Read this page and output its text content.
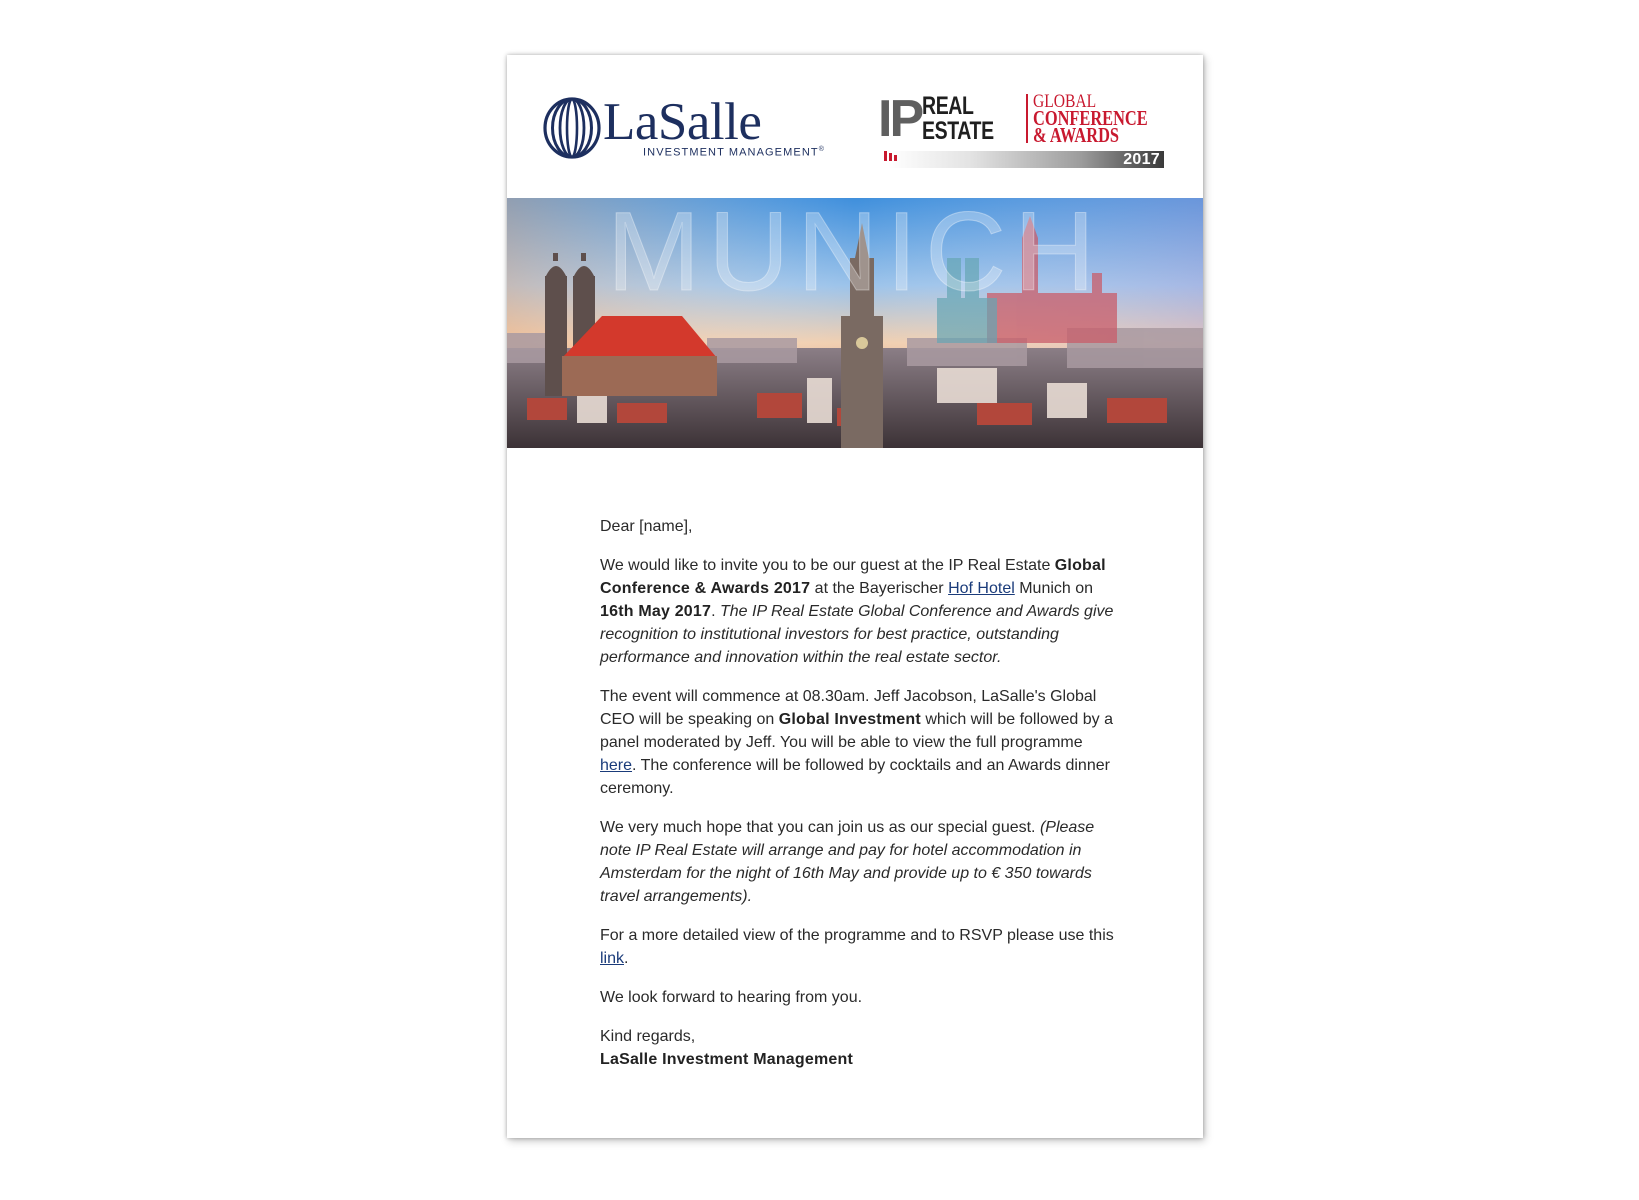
LaSalle
INVESTMENT MANAGEMENT®
IP REAL
ESTATE
GLOBAL
CONFERENCE
& AWARDS
2017
MUNICH

Dear [name],

We would like to invite you to be our guest at the IP Real Estate Global Conference & Awards 2017 at the Bayerischer Hof Hotel Munich on 16th May 2017. The IP Real Estate Global Conference and Awards give recognition to institutional investors for best practice, outstanding performance and innovation within the real estate sector.

The event will commence at 08.30am. Jeff Jacobson, LaSalle's Global CEO will be speaking on Global Investment which will be followed by a panel moderated by Jeff. You will be able to view the full programme here. The conference will be followed by cocktails and an Awards dinner ceremony.

We very much hope that you can join us as our special guest. (Please note IP Real Estate will arrange and pay for hotel accommodation in Amsterdam for the night of 16th May and provide up to € 350 towards travel arrangements).

For a more detailed view of the programme and to RSVP please use this link.

We look forward to hearing from you.

Kind regards,
LaSalle Investment Management
